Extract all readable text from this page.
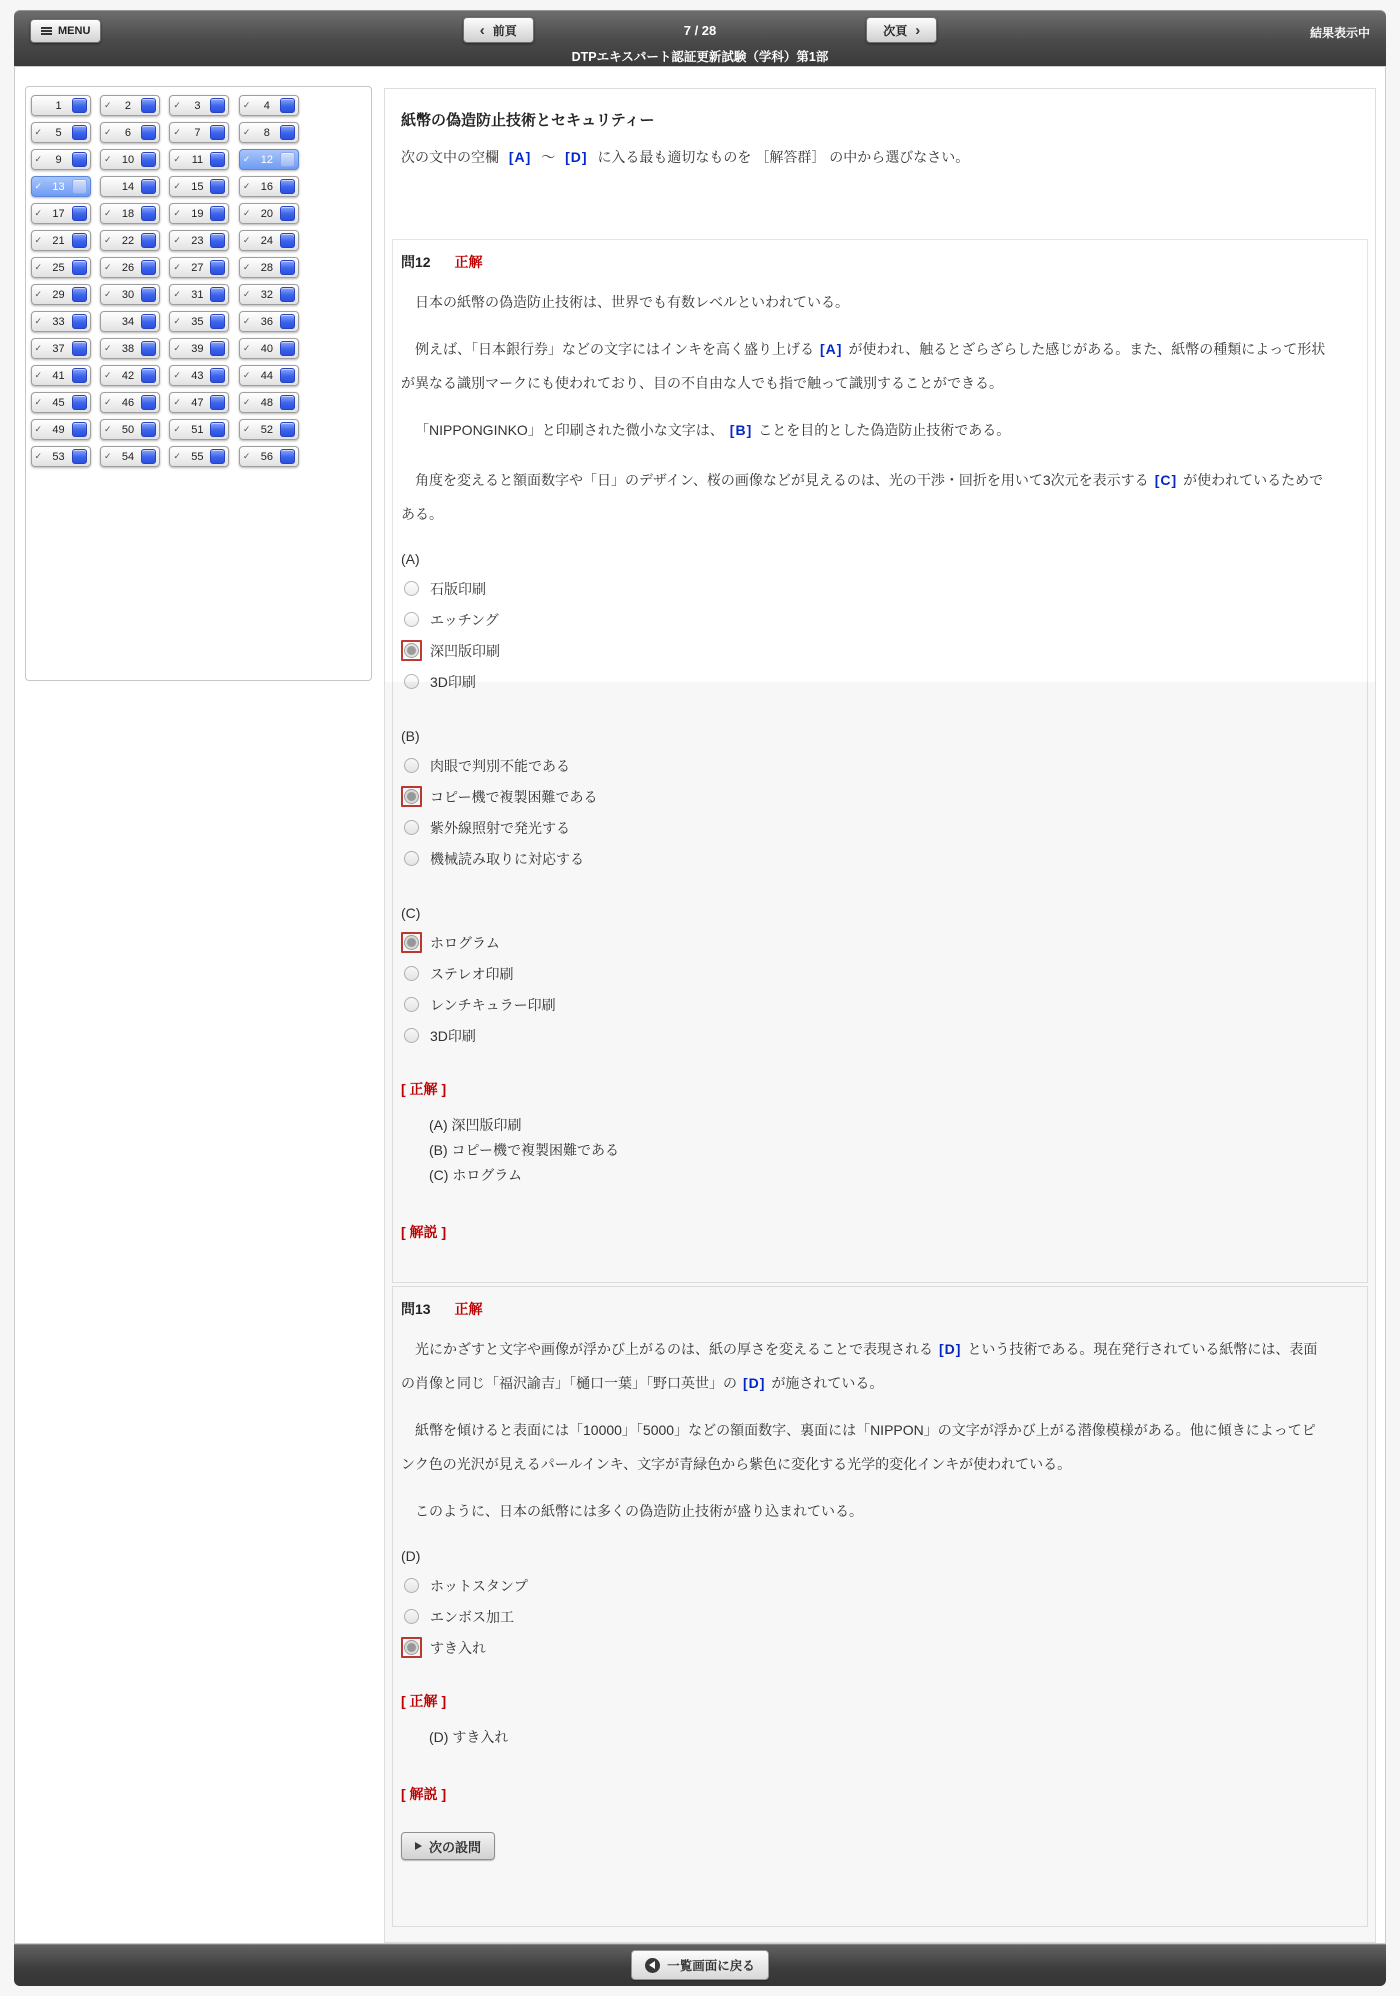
MENU	‹ 前頁	7 / 28	次頁 ›	結果表示中
DTPエキスパート認証更新試験（学科）第1部
1
	✓	2
	✓	3
	✓	4

✓	5
	✓	6
	✓	7
	✓	8

✓	9
	✓ 10
	✓ 11
	✓ 12

✓ 13
	14
	✓ 15
	✓ 16

✓ 17
	✓ 18
	✓ 19
	✓ 20

✓ 21
	✓ 22
	✓ 23
	✓ 24

✓ 25
	✓ 26
	✓ 27
	✓ 28

✓ 29
	✓ 30
	✓ 31
	✓ 32

✓ 33
	34
	✓ 35
	✓ 36

✓ 37
	✓ 38
	✓ 39
	✓ 40

✓ 41
	✓ 42
	✓ 43
	✓ 44

✓ 45
	✓ 46
	✓ 47
	✓ 48

✓ 49
	✓ 50
	✓ 51
	✓ 52

✓ 53
	✓ 54
	✓ 55
	✓ 56
紙幣の偽造防止技術とセキュリティー

次の文中の空欄 [A] ～ [D] に入る最も適切なものを ［解答群］ の中から選びなさい。

問12 正解

日本の紙幣の偽造防止技術は、世界でも有数レベルといわれている。

例えば、「日本銀行券」などの文字にはインキを高く盛り上げる [A] が使われ、触るとざらざらした感じがある。また、紙幣の種類によって形状が異なる識別マークにも使われており、目の不自由な人でも指で触って識別することができる。

「NIPPONGINKO」と印刷された微小な文字は、 [B] ことを目的とした偽造防止技術である。

角度を変えると額面数字や「日」のデザイン、桜の画像などが見えるのは、光の干渉・回折を用いて3次元を表示する [C] が使われているためである。

(A)
石版印刷
エッチング
深凹版印刷
3D印刷
(B)
肉眼で判別不能である
コピー機で複製困難である
紫外線照射で発光する
機械読み取りに対応する
(C)
ホログラム
ステレオ印刷
レンチキュラー印刷
3D印刷
[ 正解 ]
(A) 深凹版印刷
(B) コピー機で複製困難である
(C) ホログラム
[ 解説 ]
問13 正解

光にかざすと文字や画像が浮かび上がるのは、紙の厚さを変えることで表現される [D] という技術である。現在発行されている紙幣には、表面の肖像と同じ「福沢諭吉」「樋口一葉」「野口英世」の [D] が施されている。

紙幣を傾けると表面には「10000」「5000」などの額面数字、裏面には「NIPPON」の文字が浮かび上がる潜像模様がある。他に傾きによってピンク色の光沢が見えるパールインキ、文字が青緑色から紫色に変化する光学的変化インキが使われている。

このように、日本の紙幣には多くの偽造防止技術が盛り込まれている。

(D)
ホットスタンプ
エンボス加工
すき入れ
[ 正解 ]
(D) すき入れ
[ 解説 ]
次の設問
一覧画面に戻る
